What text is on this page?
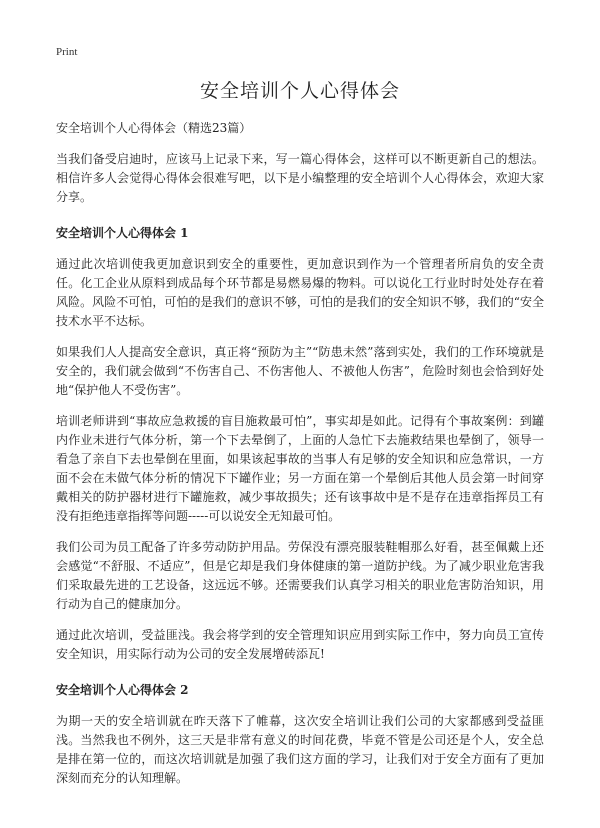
Print
安全培训个人心得体会
安全培训个人心得体会（精选23篇）

当我们备受启迪时，应该马上记录下来，写一篇心得体会，这样可以不断更新自己的想法。相信许多人会觉得心得体会很难写吧，以下是小编整理的安全培训个人心得体会，欢迎大家分享。

安全培训个人心得体会 1

通过此次培训使我更加意识到安全的重要性，更加意识到作为一个管理者所肩负的安全责任。化工企业从原料到成品每个环节都是易燃易爆的物料。可以说化工行业时时处处存在着风险。风险不可怕，可怕的是我们的意识不够，可怕的是我们的安全知识不够，我们的“安全技术水平不达标。

如果我们人人提高安全意识，真正将“预防为主”“防患未然”落到实处，我们的工作环境就是安全的，我们就会做到“不伤害自己、不伤害他人、不被他人伤害”，危险时刻也会恰到好处地“保护他人不受伤害”。

培训老师讲到“事故应急救援的盲目施救最可怕”，事实却是如此。记得有个事故案例：到罐内作业未进行气体分析，第一个下去晕倒了，上面的人急忙下去施救结果也晕倒了，领导一看急了亲自下去也晕倒在里面，如果该起事故的当事人有足够的安全知识和应急常识，一方面不会在未做气体分析的情况下下罐作业；另一方面在第一个晕倒后其他人员会第一时间穿戴相关的防护器材进行下罐施救，减少事故损失；还有该事故中是不是存在违章指挥员工有没有拒绝违章指挥等问题-----可以说安全无知最可怕。

我们公司为员工配备了许多劳动防护用品。劳保没有漂亮服装鞋帽那么好看，甚至佩戴上还会感觉“不舒服、不适应”，但是它却是我们身体健康的第一道防护线。为了减少职业危害我们采取最先进的工艺设备，这远远不够。还需要我们认真学习相关的职业危害防治知识，用行动为自己的健康加分。

通过此次培训，受益匪浅。我会将学到的安全管理知识应用到实际工作中，努力向员工宣传安全知识，用实际行动为公司的安全发展增砖添瓦!

安全培训个人心得体会 2

为期一天的安全培训就在昨天落下了帷幕，这次安全培训让我们公司的大家都感到受益匪浅。当然我也不例外，这三天是非常有意义的时间花费，毕竟不管是公司还是个人，安全总是排在第一位的，而这次培训就是加强了我们这方面的学习，让我们对于安全方面有了更加深刻而充分的认知理解。
